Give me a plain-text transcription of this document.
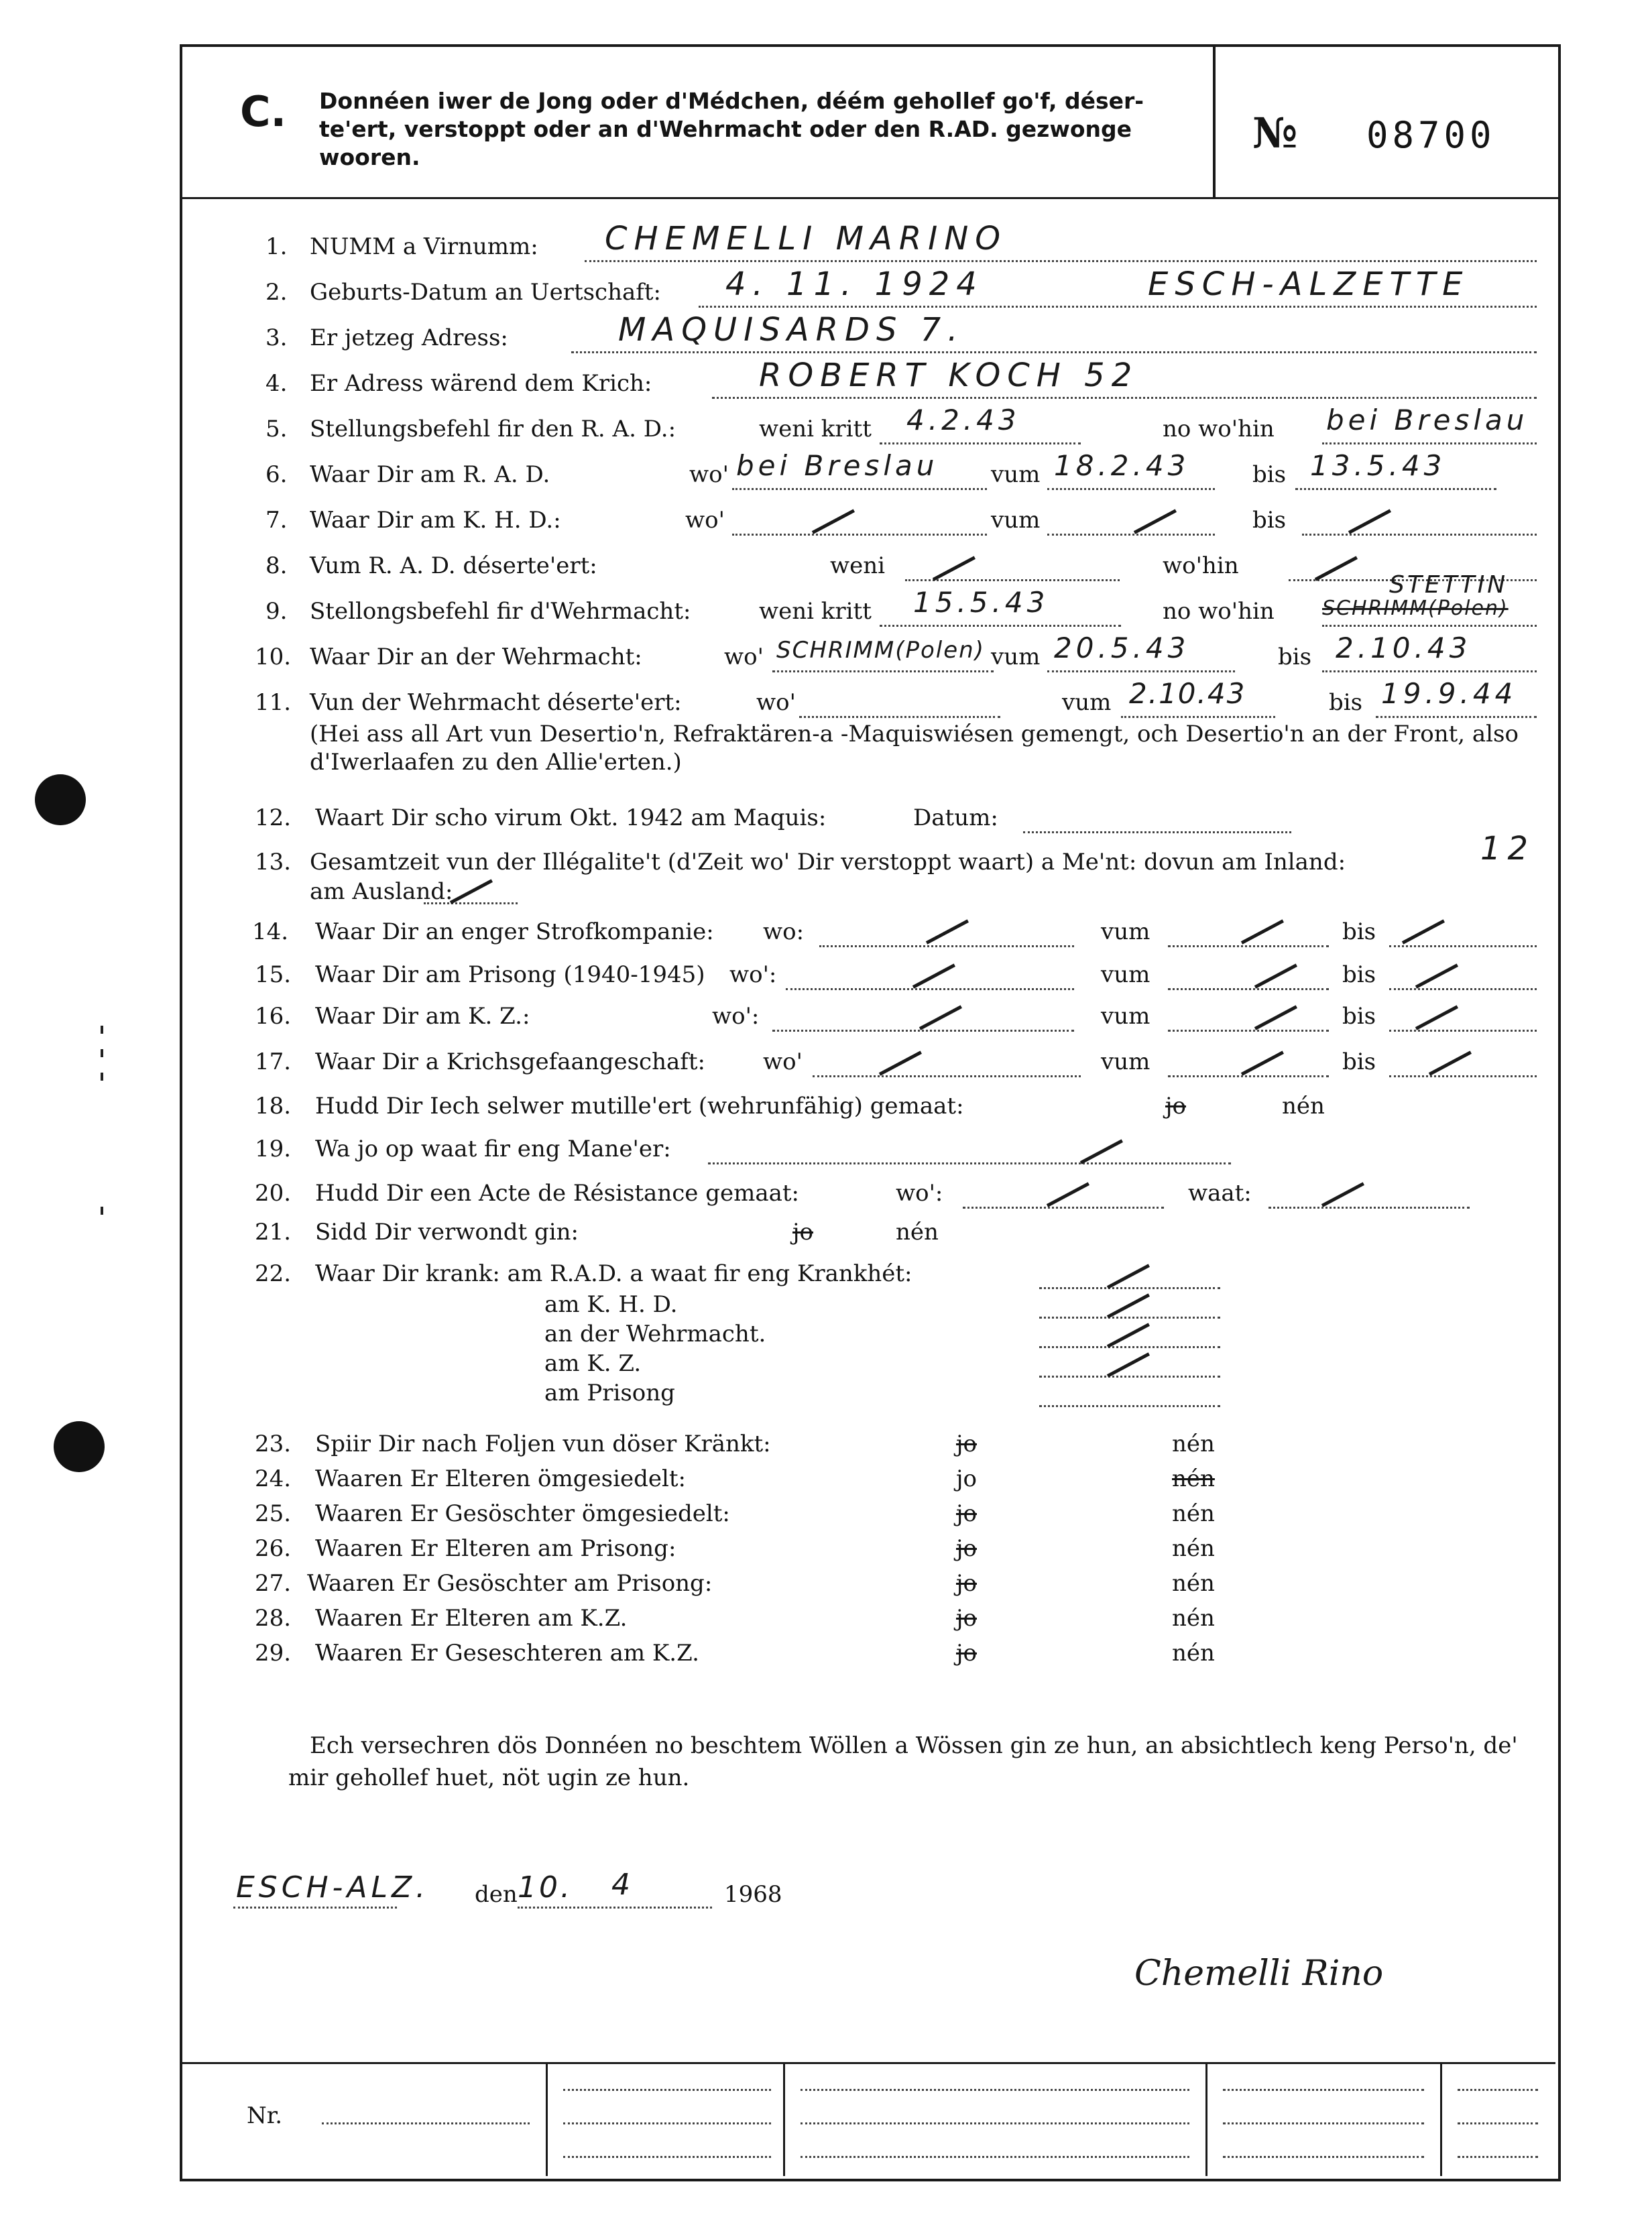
C. Donnéen iwer de Jong oder d'Médchen, déém gehollef go'f, déser-te'ert, verstoppt oder an d'Wehrmacht oder den R.AD. gezwonge wooren.	№ 08700
1. NUMM a Virnumm: CHEMELLI MARINO
2. Geburts-Datum an Uertschaft: 4. 11. 1924	ESCH-ALZETTE
3. Er jetzeg Adress:	MAQUISARDS 7.
4. Er Adress wärend dem Krich:	ROBERT KOCH 52
5. Stellungsbefehl fir den R. A. D.:	weni kritt 4.2.43	no wo'hin bei Breslau
6. Waar Dir am R. A. D.	wo' bei Breslau vum 18.2.43	bis 13.5.43
7. Waar Dir am K. H. D.:	wo'	vum	bis
8. Vum R. A. D. déserte'ert:	weni	wo'hin
9. Stellongsbefehl fir d'Wehrmacht:	weni kritt 15.5.43	no wo'hin SCHRIMM(Polen)
STETTIN
10. Waar Dir an der Wehrmacht:	wo' SCHRIMM(Polen) vum 20.5.43	bis 2.10.43
11. Vun der Wehrmacht déserte'ert:	wo'	vum 2.10.43	bis 19.9.44
(Hei ass all Art vun Desertio'n, Refraktären-a -Maquiswiésen gemengt, och Desertio'n an der Front, also d'Iwerlaafen zu den Allie'erten.)
12. Waart Dir scho virum Okt. 1942 am Maquis:	Datum:
13. Gesamtzeit vun der Illégalite't (d'Zeit wo' Dir verstoppt waart) a Me'nt: dovun am Inland:	12
am Ausland:
14. Waar Dir an enger Strofkompanie: wo:	vum	bis
15. Waar Dir am Prisong (1940-1945) wo':	vum	bis
16. Waar Dir am K. Z.:	wo':	vum	bis
17. Waar Dir a Krichsgefaangeschaft:	wo'	vum	bis
18. Hudd Dir Iech selwer mutille'ert (wehrunfähig) gemaat:	jo	nén
19. Wa jo op waat fir eng Mane'er:
20. Hudd Dir een Acte de Résistance gemaat:	wo':	waat:
21. Sidd Dir verwondt gin:	jo	nén
22. Waar Dir krank: am R.A.D. a waat fir eng Krankhét:
am K. H. D.
an der Wehrmacht.
am K. Z.
am Prisong
23. Spiir Dir nach Foljen vun döser Kränkt:	jo	nén
24. Waaren Er Elteren ömgesiedelt:	jo	nén
25. Waaren Er Gesöschter ömgesiedelt:	jo	nén
26. Waaren Er Elteren am Prisong:	jo	nén
27. Waaren Er Gesöschter am Prisong:	jo	nén
28. Waaren Er Elteren am K.Z.	jo	nén
29. Waaren Er Geseschteren am K.Z.	jo	nén
ESCH-ALZ. den 10. 4	1968
Chemelli Rino
Ech versechren dös Donnéen no beschtem Wöllen a Wössen gin ze hun, an absichtlech keng Perso'n, de' mir gehollef huet, nöt ugin ze hun.
Nr.
